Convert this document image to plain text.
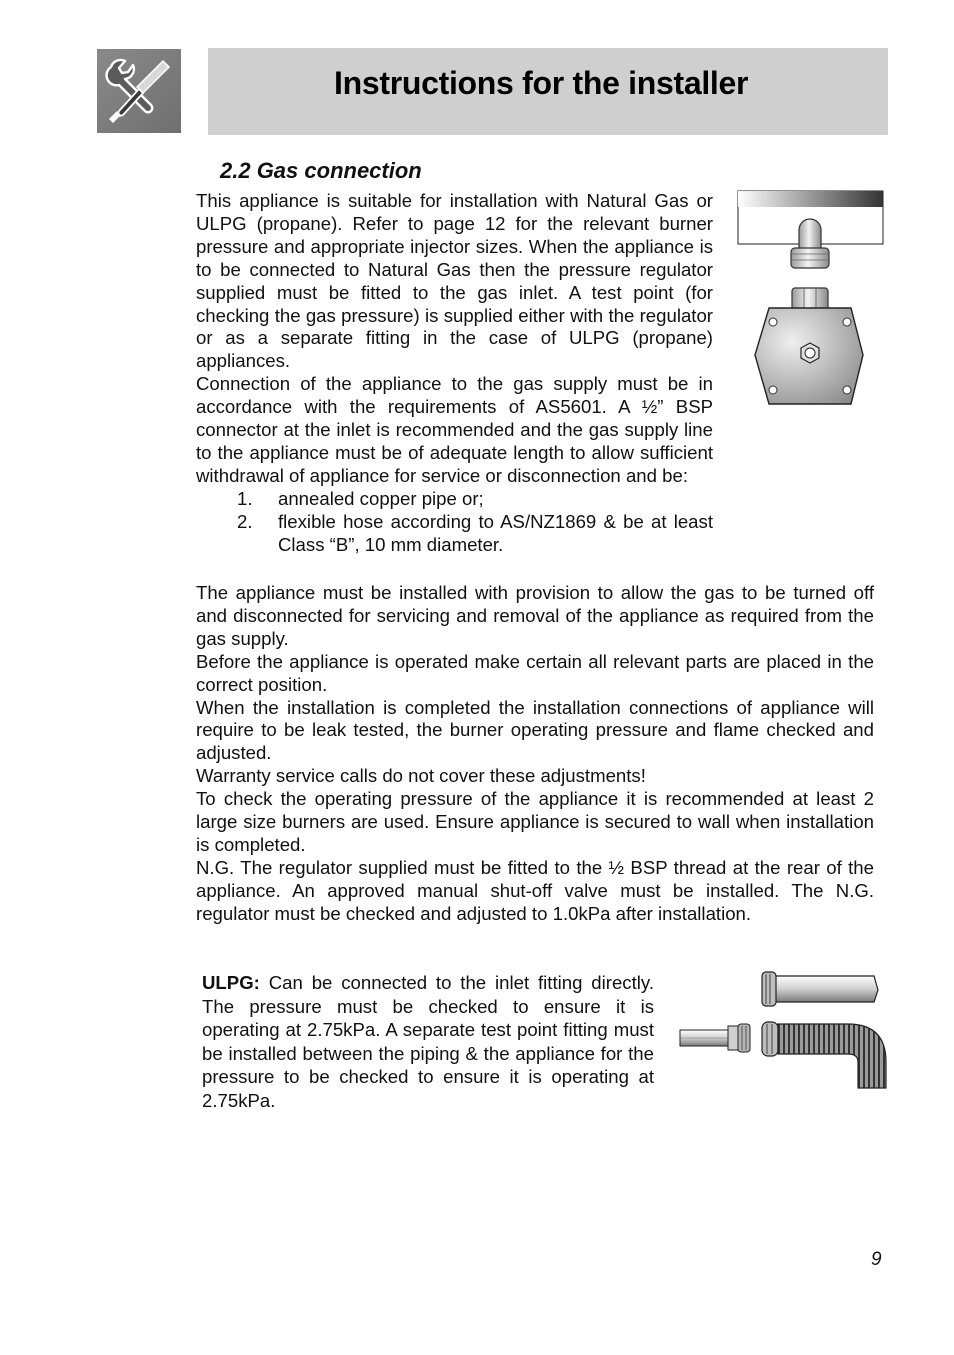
Instructions for the installer
2.2 Gas connection

This appliance is suitable for installation with Natural Gas or ULPG (propane). Refer to page 12 for the relevant burner pressure and appropriate injector sizes. When the appliance is to be connected to Natural Gas then the pressure regulator supplied must be fitted to the gas inlet. A test point (for checking the gas pressure) is supplied either with the regulator or as a separate fitting in the case of ULPG (propane) appliances.

Connection of the appliance to the gas supply must be in accordance with the requirements of AS5601. A ½” BSP connector at the inlet is recommended and the gas supply line to the appliance must be of adequate length to allow sufficient withdrawal of appliance for service or disconnection and be:

1. annealed copper pipe or;
2. flexible hose according to AS/NZ1869 & be at least Class “B”, 10 mm diameter.

The appliance must be installed with provision to allow the gas to be turned off and disconnected for servicing and removal of the appliance as required from the gas supply.

Before the appliance is operated make certain all relevant parts are placed in the correct position.

When the installation is completed the installation connections of appliance will require to be leak tested, the burner operating pressure and flame checked and adjusted.

Warranty service calls do not cover these adjustments!

To check the operating pressure of the appliance it is recommended at least 2 large size burners are used. Ensure appliance is secured to wall when installation is completed.

N.G. The regulator supplied must be fitted to the ½ BSP thread at the rear of the appliance. An approved manual shut-off valve must be installed. The N.G. regulator must be checked and adjusted to 1.0kPa after installation.

ULPG: Can be connected to the inlet fitting directly. The pressure must be checked to ensure it is operating at 2.75kPa. A separate test point fitting must be installed between the piping & the appliance for the pressure to be checked to ensure it is operating at 2.75kPa.

9
